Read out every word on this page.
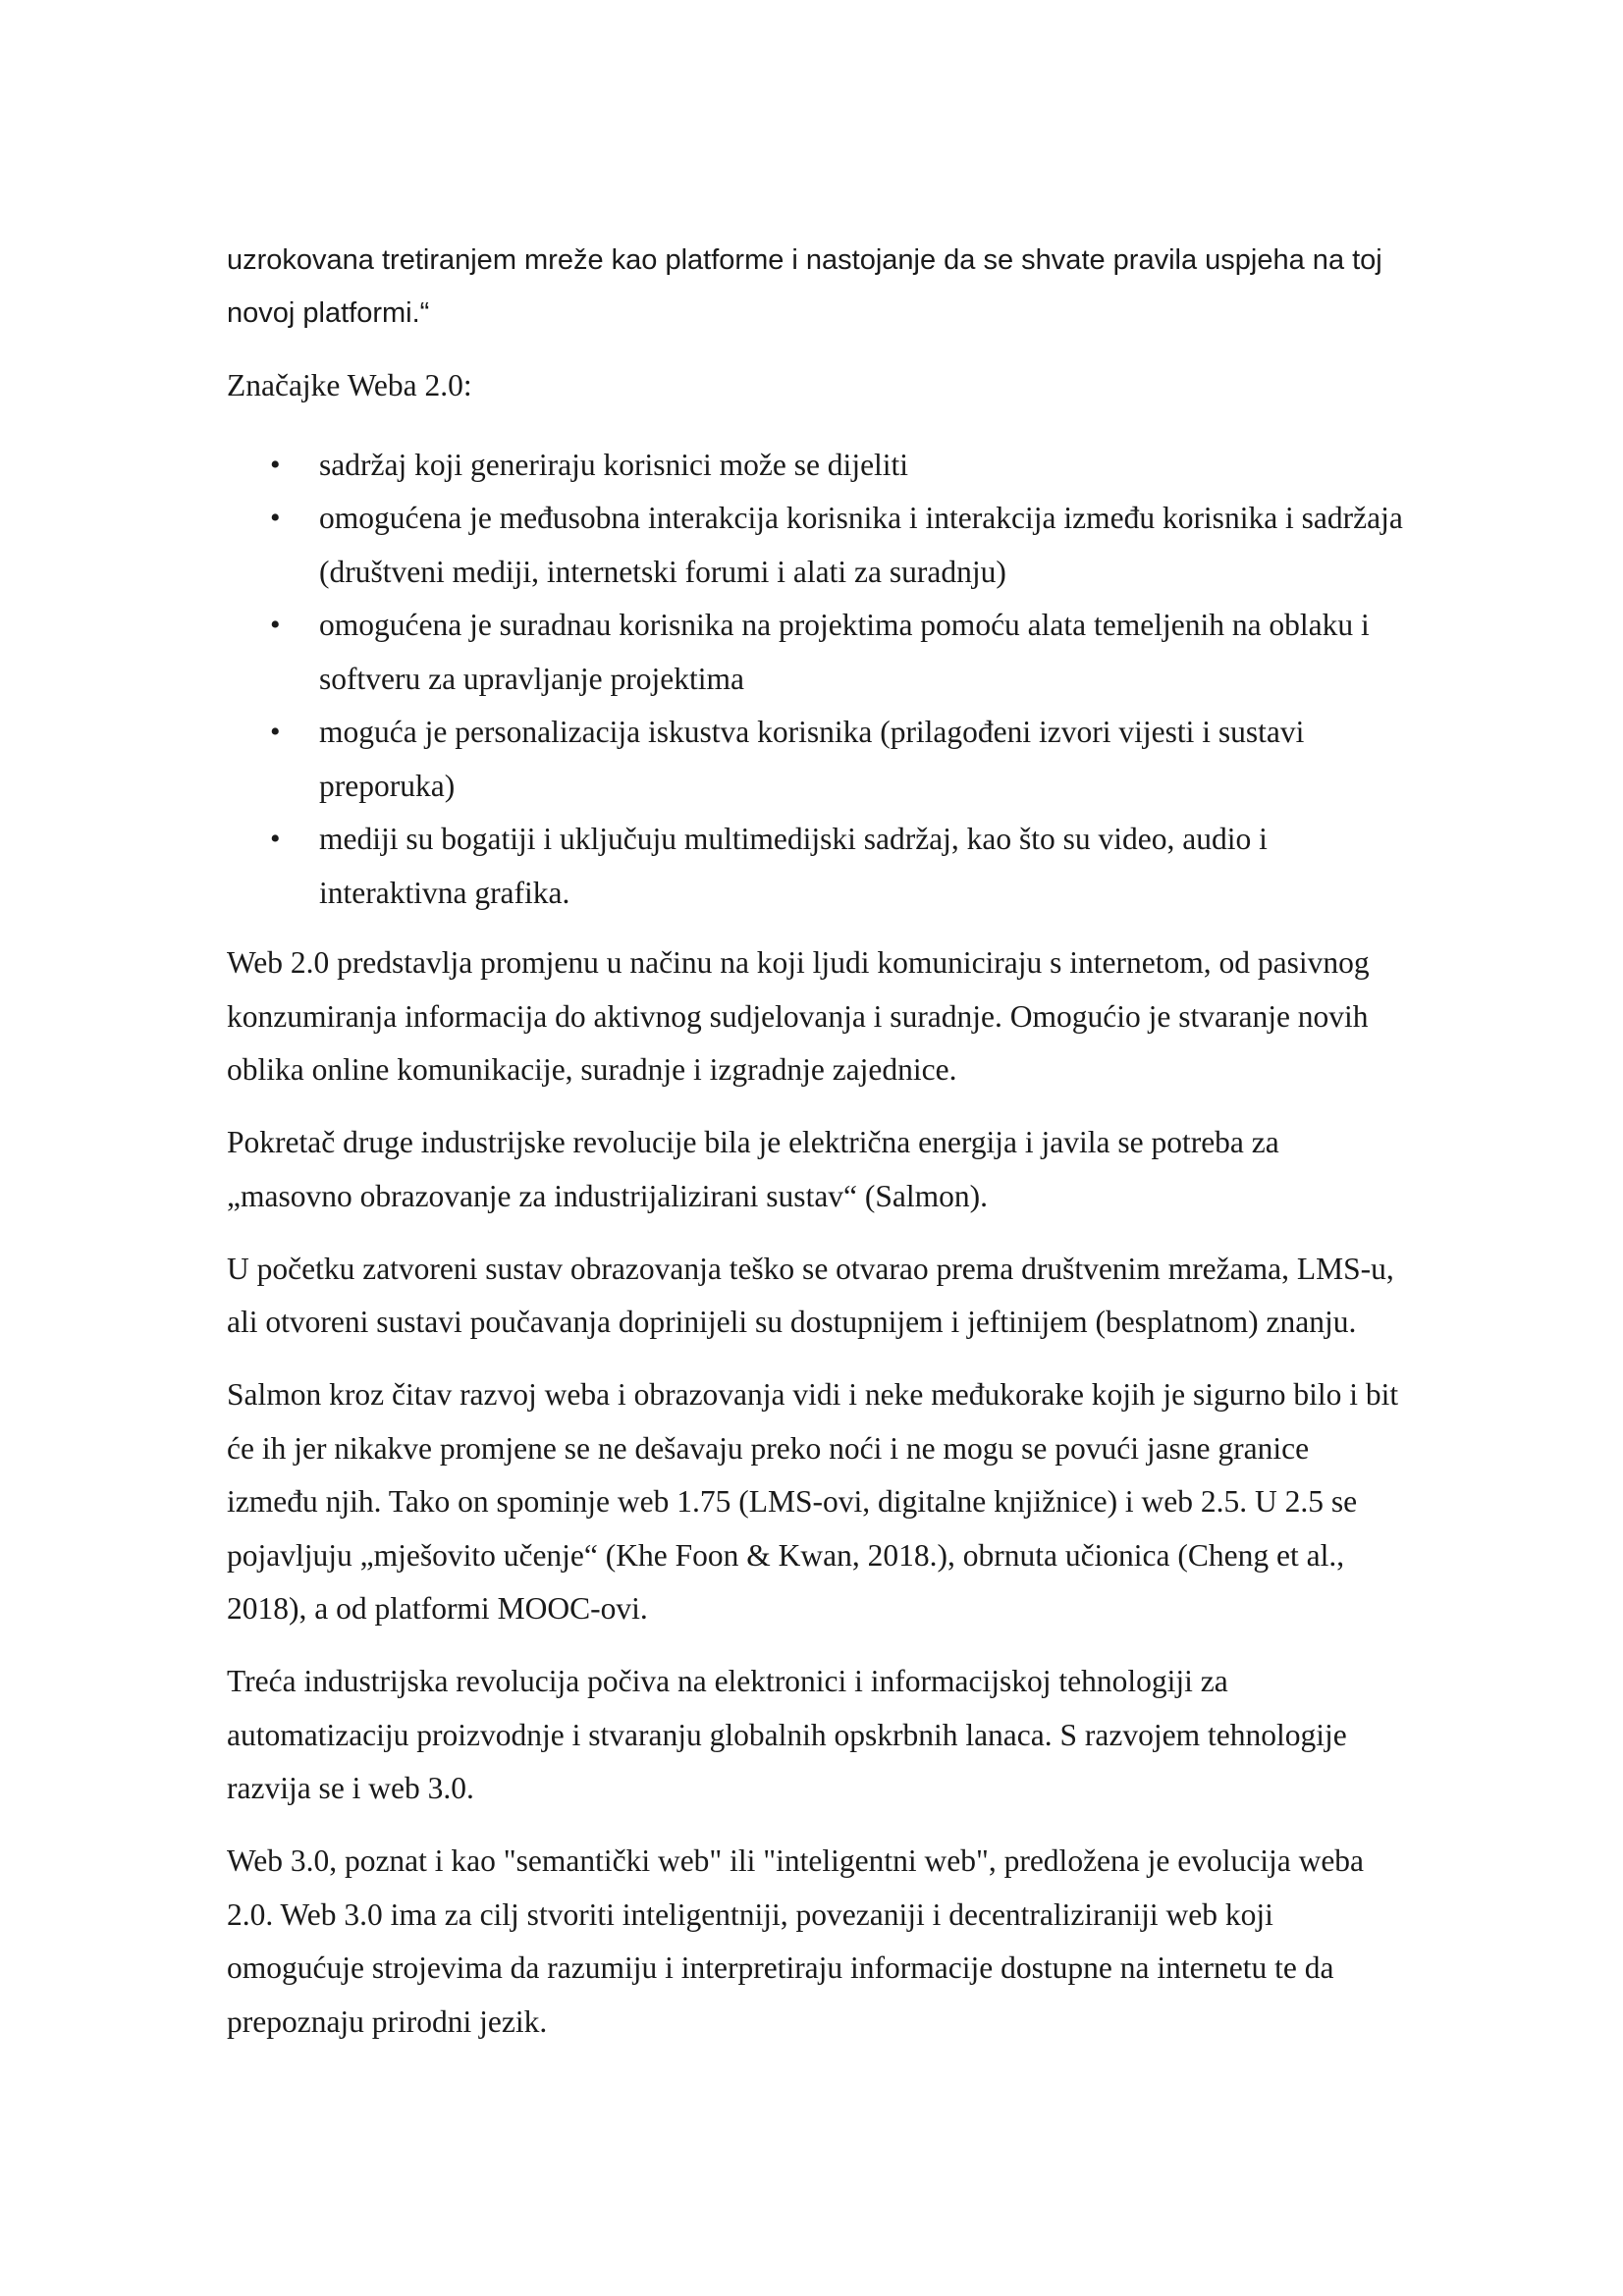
uzrokovana tretiranjem mreže kao platforme i nastojanje da se shvate pravila uspjeha na toj novoj platformi.“

Značajke Weba 2.0:

• sadržaj koji generiraju korisnici može se dijeliti
• omogućena je međusobna interakcija korisnika i interakcija između korisnika i sadržaja (društveni mediji, internetski forumi i alati za suradnju)
• omogućena je suradnau korisnika na projektima pomoću alata temeljenih na oblaku i softveru za upravljanje projektima
• moguća je personalizacija iskustva korisnika (prilagođeni izvori vijesti i sustavi preporuka)
• mediji su bogatiji i uključuju multimedijski sadržaj, kao što su video, audio i interaktivna grafika.

Web 2.0 predstavlja promjenu u načinu na koji ljudi komuniciraju s internetom, od pasivnog konzumiranja informacija do aktivnog sudjelovanja i suradnje. Omogućio je stvaranje novih oblika online komunikacije, suradnje i izgradnje zajednice.

Pokretač druge industrijske revolucije bila je električna energija i javila se potreba za „masovno obrazovanje za industrijalizirani sustav“ (Salmon).

U početku zatvoreni sustav obrazovanja teško se otvarao prema društvenim mrežama, LMS-u, ali otvoreni sustavi poučavanja doprinijeli su dostupnijem i jeftinijem (besplatnom) znanju.

Salmon kroz čitav razvoj weba i obrazovanja vidi i neke međukorake kojih je sigurno bilo i bit će ih jer nikakve promjene se ne dešavaju preko noći i ne mogu se povući jasne granice između njih. Tako on spominje web 1.75 (LMS-ovi, digitalne knjižnice) i web 2.5. U 2.5 se pojavljuju „mješovito učenje“ (Khe Foon & Kwan, 2018.), obrnuta učionica (Cheng et al., 2018), a od platformi MOOC-ovi.

Treća industrijska revolucija počiva na elektronici i informacijskoj tehnologiji za automatizaciju proizvodnje i stvaranju globalnih opskrbnih lanaca. S razvojem tehnologije razvija se i web 3.0.

Web 3.0, poznat i kao "semantički web" ili "inteligentni web", predložena je evolucija weba 2.0. Web 3.0 ima za cilj stvoriti inteligentniji, povezaniji i decentraliziraniji web koji omogućuje strojevima da razumiju i interpretiraju informacije dostupne na internetu te da prepoznaju prirodni jezik.
